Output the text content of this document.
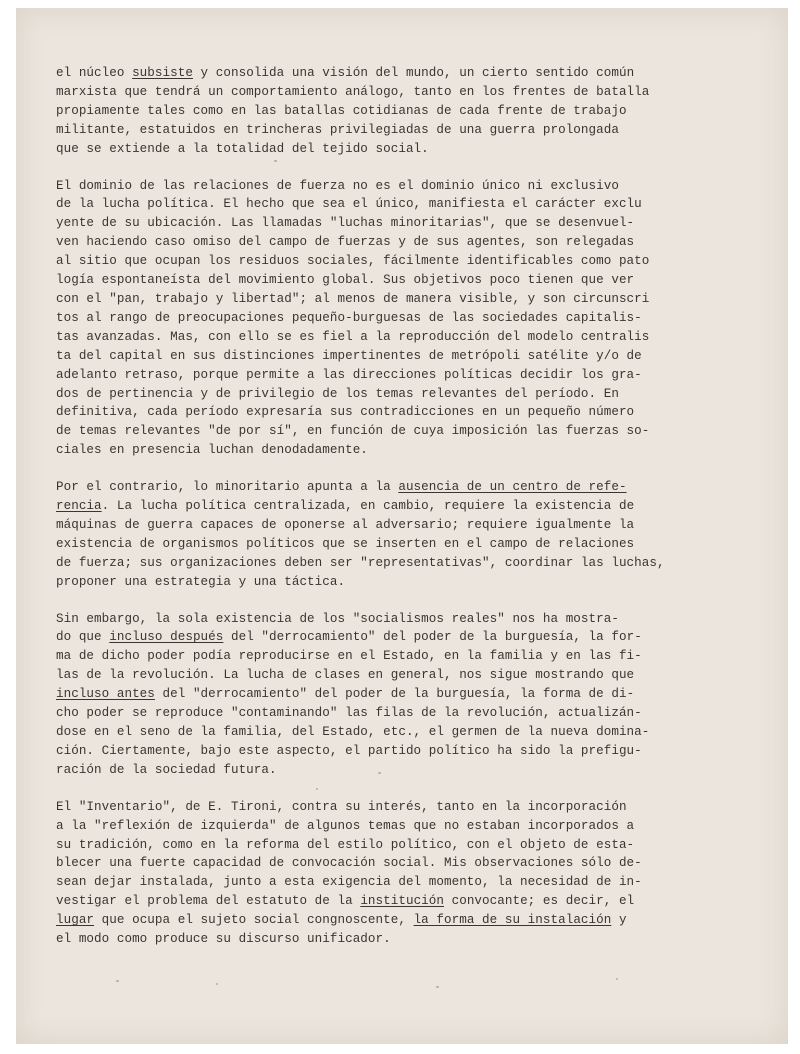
el núcleo subsiste y consolida una visión del mundo, un cierto sentido común
marxista que tendrá un comportamiento análogo, tanto en los frentes de batalla
propiamente tales como en las batallas cotidianas de cada frente de trabajo
militante, estatuidos en trincheras privilegiadas de una guerra prolongada
que se extiende a la totalidad del tejido social.

El dominio de las relaciones de fuerza no es el dominio único ni exclusivo
de la lucha política. El hecho que sea el único, manifiesta el carácter exclu
yente de su ubicación. Las llamadas "luchas minoritarias", que se desenvuel-
ven haciendo caso omiso del campo de fuerzas y de sus agentes, son relegadas
al sitio que ocupan los residuos sociales, fácilmente identificables como pato
logía espontaneísta del movimiento global. Sus objetivos poco tienen que ver
con el "pan, trabajo y libertad"; al menos de manera visible, y son circunscri
tos al rango de preocupaciones pequeño-burguesas de las sociedades capitalis-
tas avanzadas. Mas, con ello se es fiel a la reproducción del modelo centralis
ta del capital en sus distinciones impertinentes de metrópoli satélite y/o de
adelanto retraso, porque permite a las direcciones políticas decidir los gra-
dos de pertinencia y de privilegio de los temas relevantes del período. En
definitiva, cada período expresaría sus contradicciones en un pequeño número
de temas relevantes "de por sí", en función de cuya imposición las fuerzas so-
ciales en presencia luchan denodadamente.

Por el contrario, lo minoritario apunta a la ausencia de un centro de refe-
rencia. La lucha política centralizada, en cambio, requiere la existencia de
máquinas de guerra capaces de oponerse al adversario; requiere igualmente la
existencia de organismos políticos que se inserten en el campo de relaciones
de fuerza; sus organizaciones deben ser "representativas", coordinar las luchas,
proponer una estrategia y una táctica.

Sin embargo, la sola existencia de los "socialismos reales" nos ha mostra-
do que incluso después del "derrocamiento" del poder de la burguesía, la for-
ma de dicho poder podía reproducirse en el Estado, en la familia y en las fi-
las de la revolución. La lucha de clases en general, nos sigue mostrando que
incluso antes del "derrocamiento" del poder de la burguesía, la forma de di-
cho poder se reproduce "contaminando" las filas de la revolución, actualizán-
dose en el seno de la familia, del Estado, etc., el germen de la nueva domina-
ción. Ciertamente, bajo este aspecto, el partido político ha sido la prefigu-
ración de la sociedad futura.

El "Inventario", de E. Tironi, contra su interés, tanto en la incorporación
a la "reflexión de izquierda" de algunos temas que no estaban incorporados a
su tradición, como en la reforma del estilo político, con el objeto de esta-
blecer una fuerte capacidad de convocación social. Mis observaciones sólo de-
sean dejar instalada, junto a esta exigencia del momento, la necesidad de in-
vestigar el problema del estatuto de la institución convocante; es decir, el
lugar que ocupa el sujeto social congnoscente, la forma de su instalación y
el modo como produce su discurso unificador.
